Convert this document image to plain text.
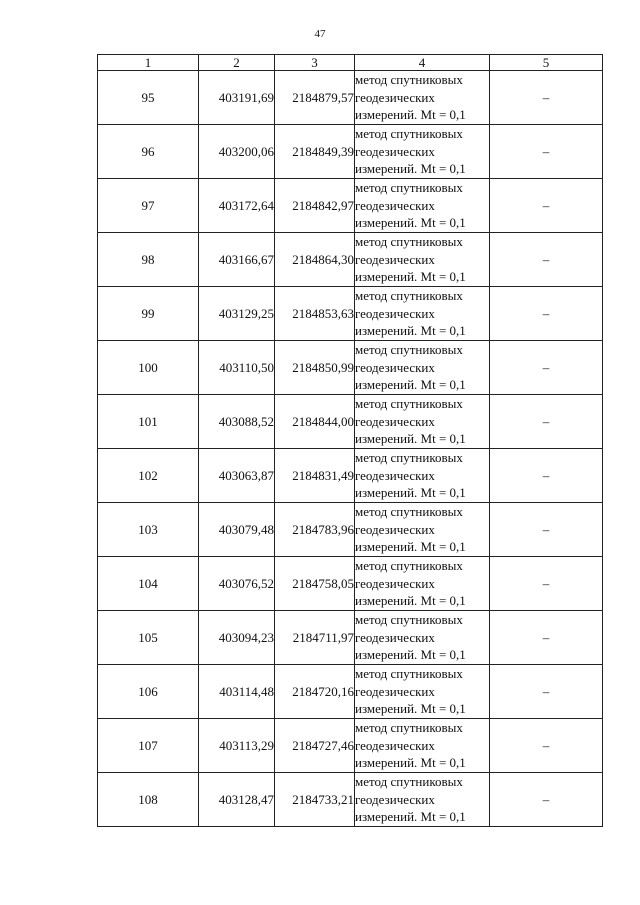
47
1	2	3	4	5
95	403191,69	2184879,57	метод спутниковых
геодезических
измерений. Mt = 0,1	–
96	403200,06	2184849,39	метод спутниковых
геодезических
измерений. Mt = 0,1	–
97	403172,64	2184842,97	метод спутниковых
геодезических
измерений. Mt = 0,1	–
98	403166,67	2184864,30	метод спутниковых
геодезических
измерений. Mt = 0,1	–
99	403129,25	2184853,63	метод спутниковых
геодезических
измерений. Mt = 0,1	–
100	403110,50	2184850,99	метод спутниковых
геодезических
измерений. Mt = 0,1	–
101	403088,52	2184844,00	метод спутниковых
геодезических
измерений. Mt = 0,1	–
102	403063,87	2184831,49	метод спутниковых
геодезических
измерений. Mt = 0,1	–
103	403079,48	2184783,96	метод спутниковых
геодезических
измерений. Mt = 0,1	–
104	403076,52	2184758,05	метод спутниковых
геодезических
измерений. Mt = 0,1	–
105	403094,23	2184711,97	метод спутниковых
геодезических
измерений. Mt = 0,1	–
106	403114,48	2184720,16	метод спутниковых
геодезических
измерений. Mt = 0,1	–
107	403113,29	2184727,46	метод спутниковых
геодезических
измерений. Mt = 0,1	–
108	403128,47	2184733,21	метод спутниковых
геодезических
измерений. Mt = 0,1	–
